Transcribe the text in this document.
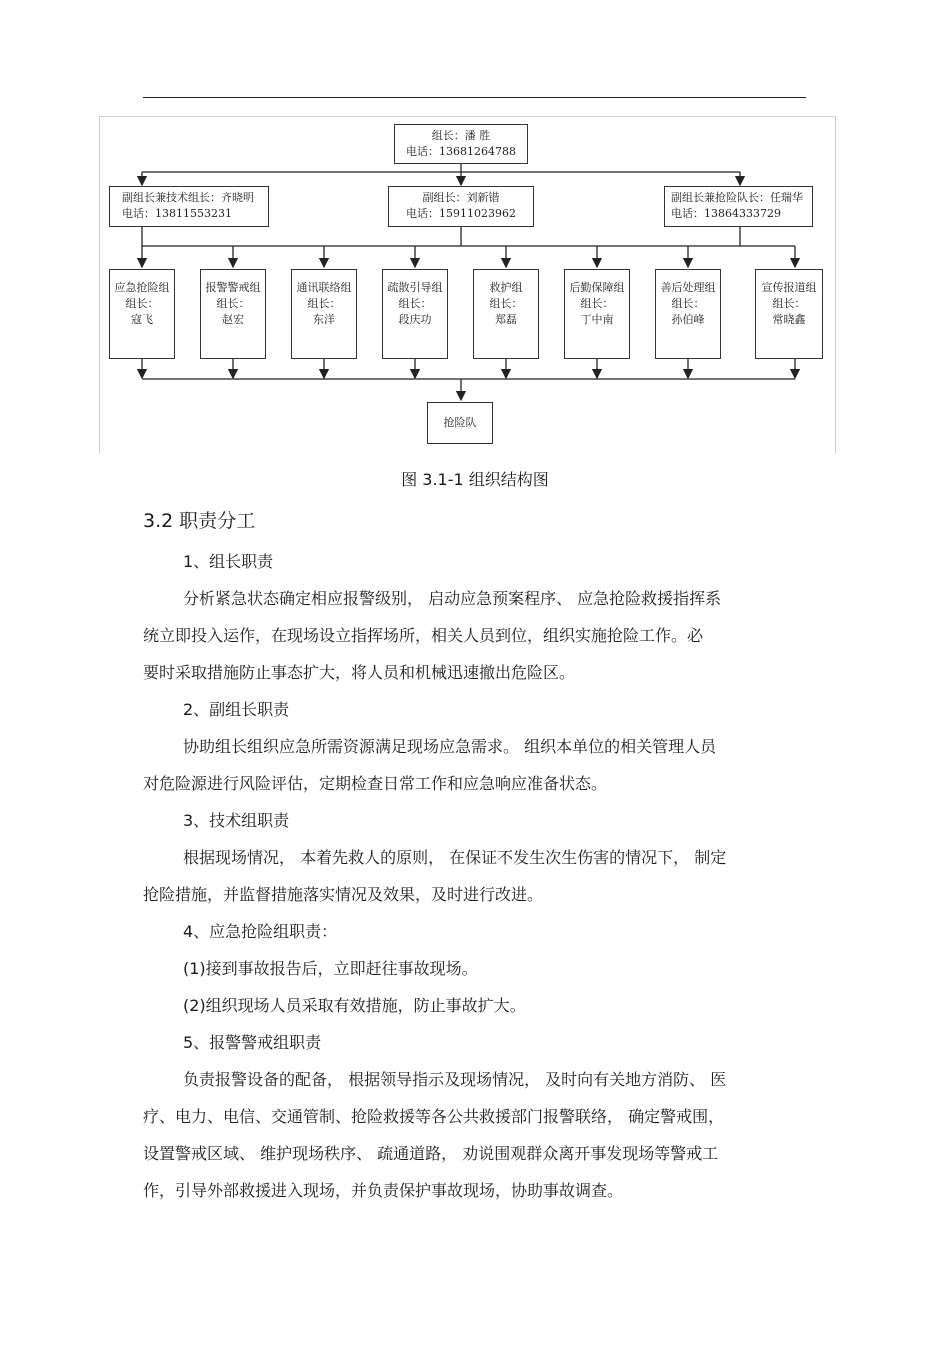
组长：潘 胜
电话：13681264788
副组长兼技术组长：齐晓明
电话：13811553231
副组长：刘新锴
电话：15911023962
副组长兼抢险队长：任瑞华
电话：13864333729
应急抢险组
组长：
寇飞
报警警戒组
组长：
赵宏
通讯联络组
组长：
东洋
疏散引导组
组长：
段庆功
救护组
组长：
郑磊
后勤保障组
组长：
丁中南
善后处理组
组长：
孙伯峰
宣传报道组
组长：
常晓鑫
抢险队
图 3.1-1 组织结构图
3.2 职责分工
1、组长职责
分析紧急状态确定相应报警级别， 启动应急预案程序、 应急抢险救援指挥系
统立即投入运作，在现场设立指挥场所，相关人员到位，组织实施抢险工作。必
要时采取措施防止事态扩大，将人员和机械迅速撤出危险区。
2、副组长职责
协助组长组织应急所需资源满足现场应急需求。 组织本单位的相关管理人员
对危险源进行风险评估，定期检查日常工作和应急响应准备状态。
3、技术组职责
根据现场情况， 本着先救人的原则， 在保证不发生次生伤害的情况下， 制定
抢险措施，并监督措施落实情况及效果，及时进行改进。
4、应急抢险组职责：
(1)接到事故报告后，立即赶往事故现场。
(2)组织现场人员采取有效措施，防止事故扩大。
5、报警警戒组职责
负责报警设备的配备， 根据领导指示及现场情况， 及时向有关地方消防、 医
疗、电力、电信、交通管制、抢险救援等各公共救援部门报警联络， 确定警戒围，
设置警戒区域、 维护现场秩序、 疏通道路， 劝说围观群众离开事发现场等警戒工
作，引导外部救援进入现场，并负责保护事故现场，协助事故调查。
